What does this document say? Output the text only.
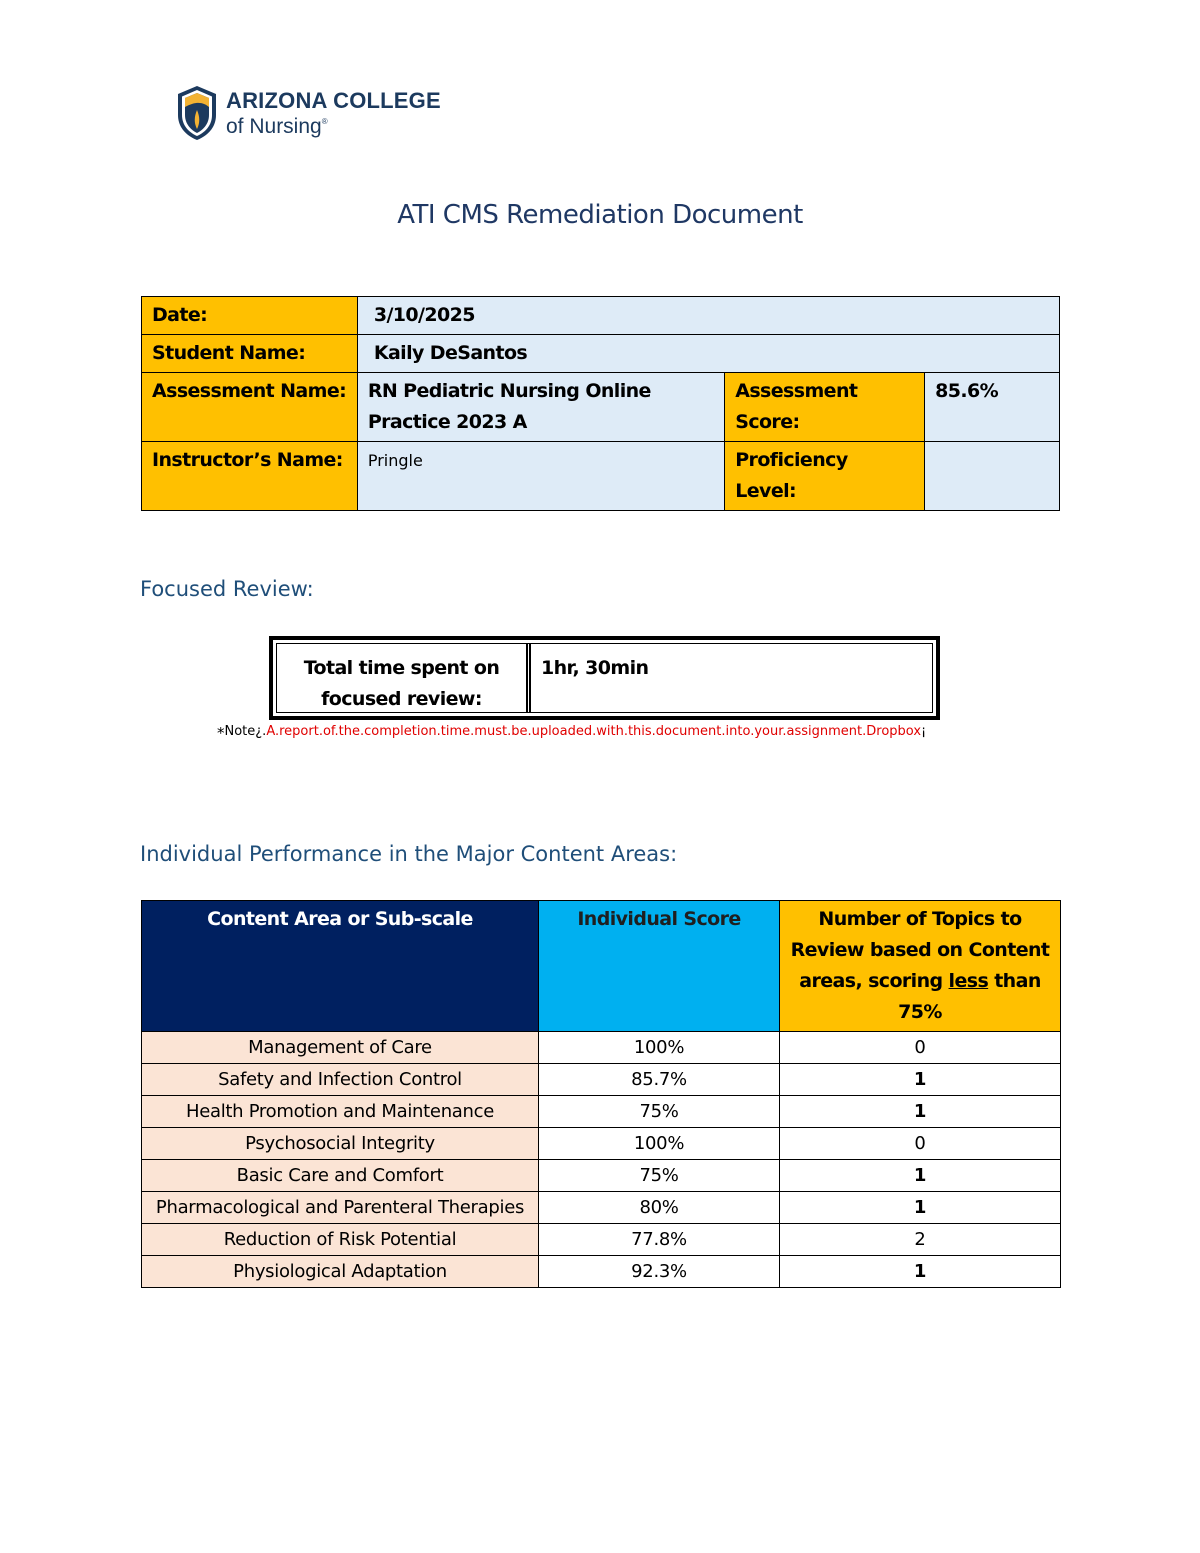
ARIZONA COLLEGE
of Nursing®
ATI CMS Remediation Document
Date:	3/10/2025		
Student Name:	Kaily DeSantos		
Assessment Name:	RN Pediatric Nursing Online Practice 2023 A	Assessment Score:	85.6%
Instructor’s Name:	Pringle	Proficiency Level:	
Focused Review:
Total time spent on focused review:
1hr, 30min
*Note¿.A.report.of.the.completion.time.must.be.uploaded.with.this.document.into.your.assignment.Dropbox¡
Individual Performance in the Major Content Areas:
Content Area or Sub-scale	Individual Score	Number of Topics to Review based on Content areas, scoring less than 75%
Management of Care	100%	0
Safety and Infection Control	85.7%	1
Health Promotion and Maintenance	75%	1
Psychosocial Integrity	100%	0
Basic Care and Comfort	75%	1
Pharmacological and Parenteral Therapies	80%	1
Reduction of Risk Potential	77.8%	2
Physiological Adaptation	92.3%	1
